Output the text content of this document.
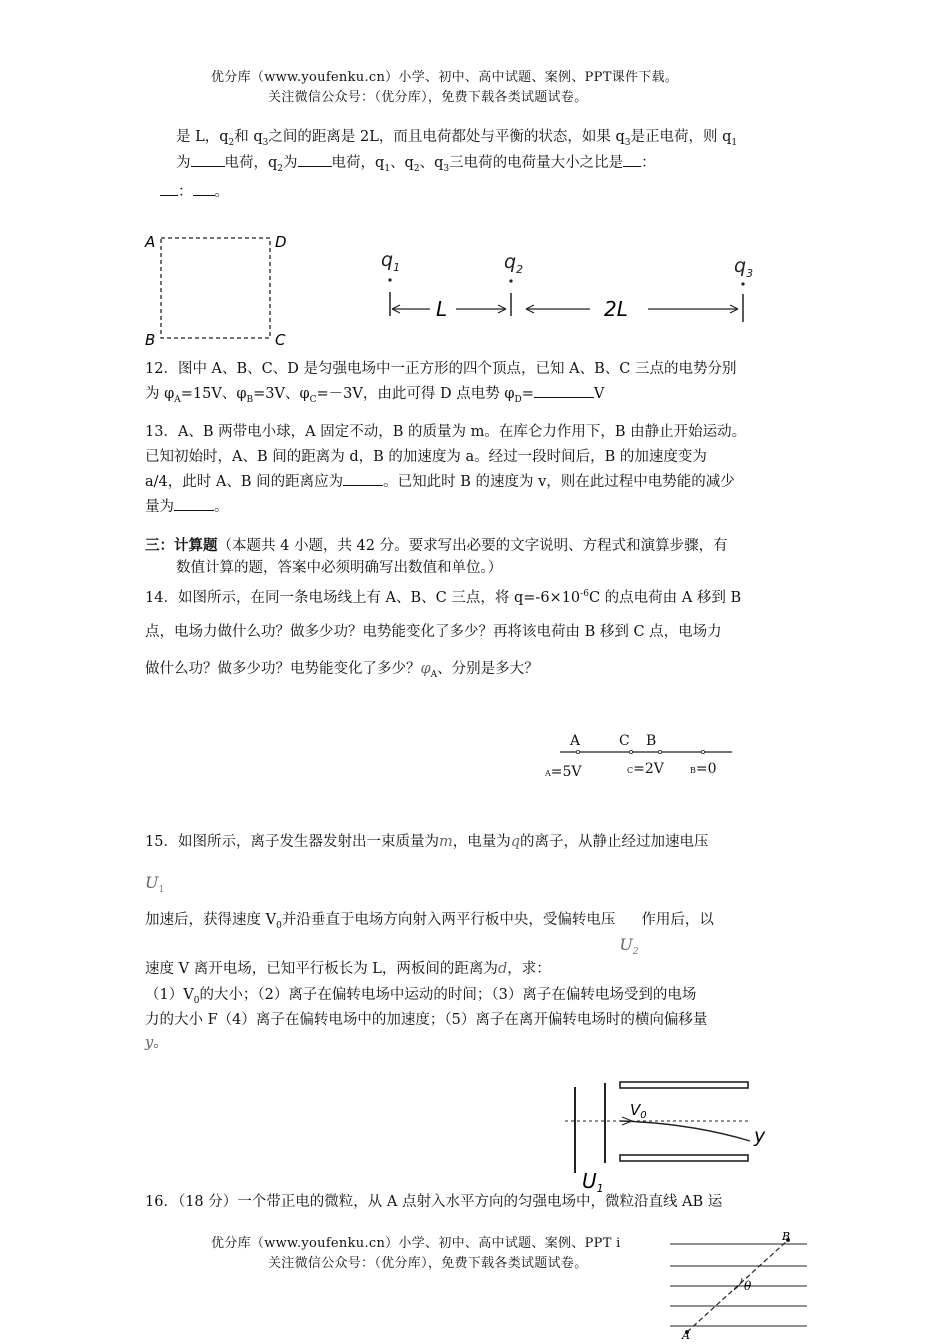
优分库（www.youfenku.cn）小学、初中、高中试题、案例、PPT课件下载。
关注微信公众号：（优分库），免费下载各类试题试卷。
是 L，$q_2$和 $q_3$之间的距离是 2L，而且电荷都处与平衡的状态，如果 $q_3$是正电荷，则 $q_1$
为 电荷，$q_2$为 电荷，$q_1$、$q_2$、$q_3$三电荷的电荷量大小之比是 ：
： 。
A	D
B	C
$q_1$	$q_2$	$q_3$
L	2L
12．图中 A、B、C、D 是匀强电场中一正方形的四个顶点，已知 A、B、C 三点的电势分别
为 $\varphi_A=15V$、$\varphi_B=3V$、$\varphi_C=-3V$，由此可得 D 点电势 $\varphi_D=$	V
13．A、B 两带电小球，A 固定不动，B 的质量为 m。在库仑力作用下，B 由静止开始运动。
已知初始时，A、B 间的距离为 d，B 的加速度为 a。经过一段时间后，B 的加速度变为
a/4，此时 A、B 间的距离应为	。已知此时 B 的速度为 v，则在此过程中电势能的减少
量为	。
三：计算题（本题共 4 小题，共 42 分。要求写出必要的文字说明、方程式和演算步骤，有
数值计算的题，答案中必须明确写出数值和单位。）
14．如图所示，在同一条电场线上有 A、B、C 三点，将 $q=-6\times 10^{-6}C$ 的点电荷由 A 移到 B
点，电场力做什么功？做多少功？电势能变化了多少？再将该电荷由 B 移到 C 点，电场力
做什么功？做多少功？电势能变化了多少？$\varphi_A$、分别是多大？
A	C B
A=5V	C=2V	B=0
15．如图所示，离子发生器发射出一束质量为m，电量为q的离子，从静止经过加速电压
$U_1$
加速后，获得速度 $V_0$并沿垂直于电场方向射入两平行板中央，受偏转电压
$U_2$
作用后，以
速度 V 离开电场，已知平行板长为 L，两板间的距离为d，求：
$(1)V_0$的大小；（2）离子在偏转电场中运动的时间；（3）离子在偏转电场受到的电场
力的大小 F（4）离子在偏转电场中的加速度；（5）离子在离开偏转电场时的横向偏移量
y。
$V_0$
y
$U_1$
16．（18 分）一个带正电的微粒，从 A 点射入水平方向的匀强电场中，微粒沿直线 AB 运
优分库（www.youfenku.cn）小学、初中、高中试题、案例、PPT i
关注微信公众号：（优分库），免费下载各类试题试卷。
θ
B
A
